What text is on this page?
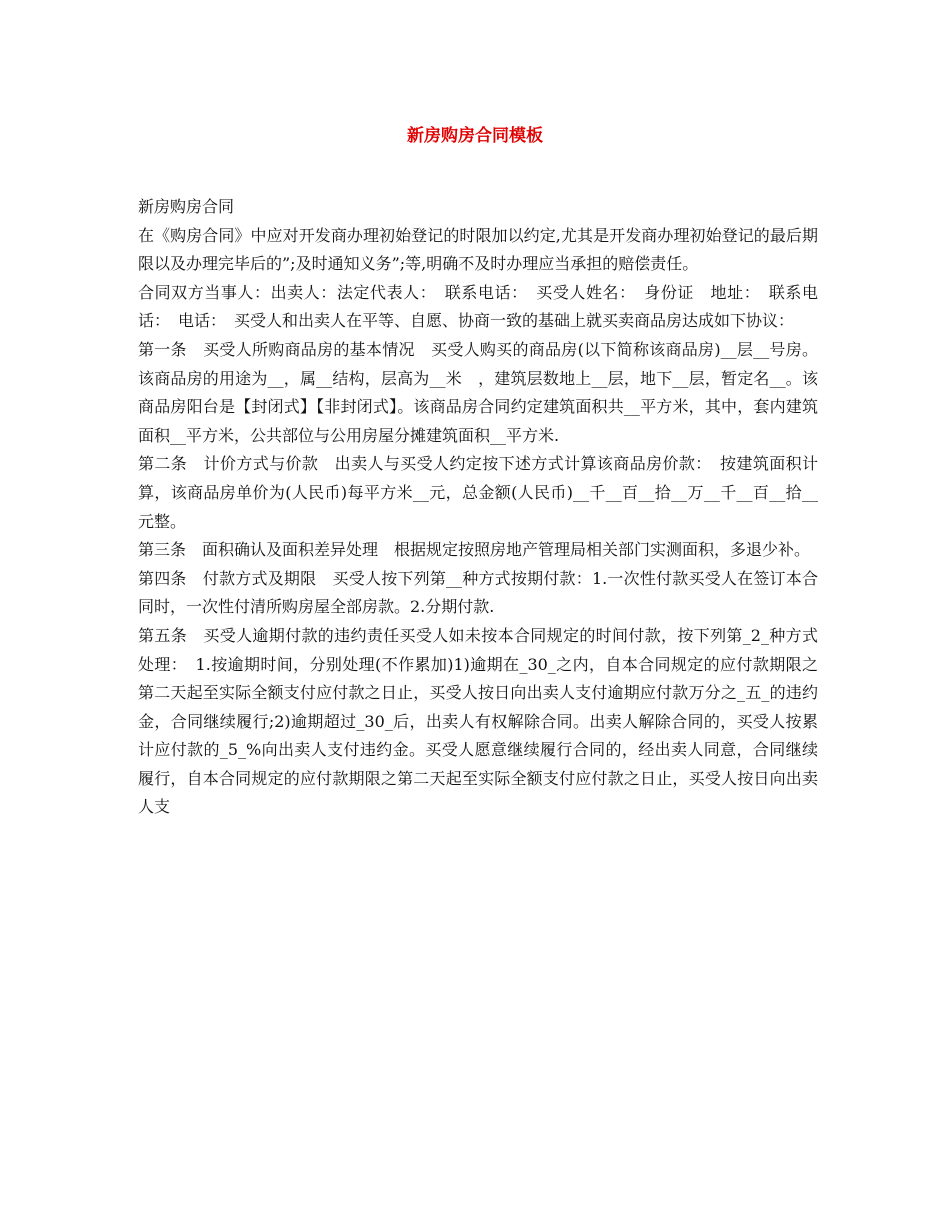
新房购房合同模板

新房购房合同

在《购房合同》中应对开发商办理初始登记的时限加以约定,尤其是开发商办理初始登记的最后期限以及办理完毕后的”;及时通知义务”;等,明确不及时办理应当承担的赔偿责任。

合同双方当事人：出卖人：法定代表人：　联系电话：　买受人姓名：　身份证　地址：　联系电话：　电话：　买受人和出卖人在平等、自愿、协商一致的基础上就买卖商品房达成如下协议：

第一条　买受人所购商品房的基本情况　买受人购买的商品房(以下简称该商品房)__层__号房。该商品房的用途为__，属__结构，层高为__米　，建筑层数地上__层，地下__层，暂定名__。该商品房阳台是【封闭式】【非封闭式】。该商品房合同约定建筑面积共__平方米，其中，套内建筑面积__平方米，公共部位与公用房屋分摊建筑面积__平方米.

第二条　计价方式与价款　出卖人与买受人约定按下述方式计算该商品房价款：　按建筑面积计算，该商品房单价为(人民币)每平方米__元，总金额(人民币)__千__百__拾__万__千__百__拾__元整。

第三条　面积确认及面积差异处理　根据规定按照房地产管理局相关部门实测面积，多退少补。

第四条　付款方式及期限　买受人按下列第__种方式按期付款：1.一次性付款买受人在签订本合同时，一次性付清所购房屋全部房款。2.分期付款.

第五条　买受人逾期付款的违约责任买受人如未按本合同规定的时间付款，按下列第_2_种方式处理：　1.按逾期时间，分别处理(不作累加)1)逾期在_30_之内，自本合同规定的应付款期限之第二天起至实际全额支付应付款之日止，买受人按日向出卖人支付逾期应付款万分之_五_的违约金，合同继续履行;2)逾期超过_30_后，出卖人有权解除合同。出卖人解除合同的，买受人按累计应付款的_5_%向出卖人支付违约金。买受人愿意继续履行合同的，经出卖人同意，合同继续履行，自本合同规定的应付款期限之第二天起至实际全额支付应付款之日止，买受人按日向出卖人支
